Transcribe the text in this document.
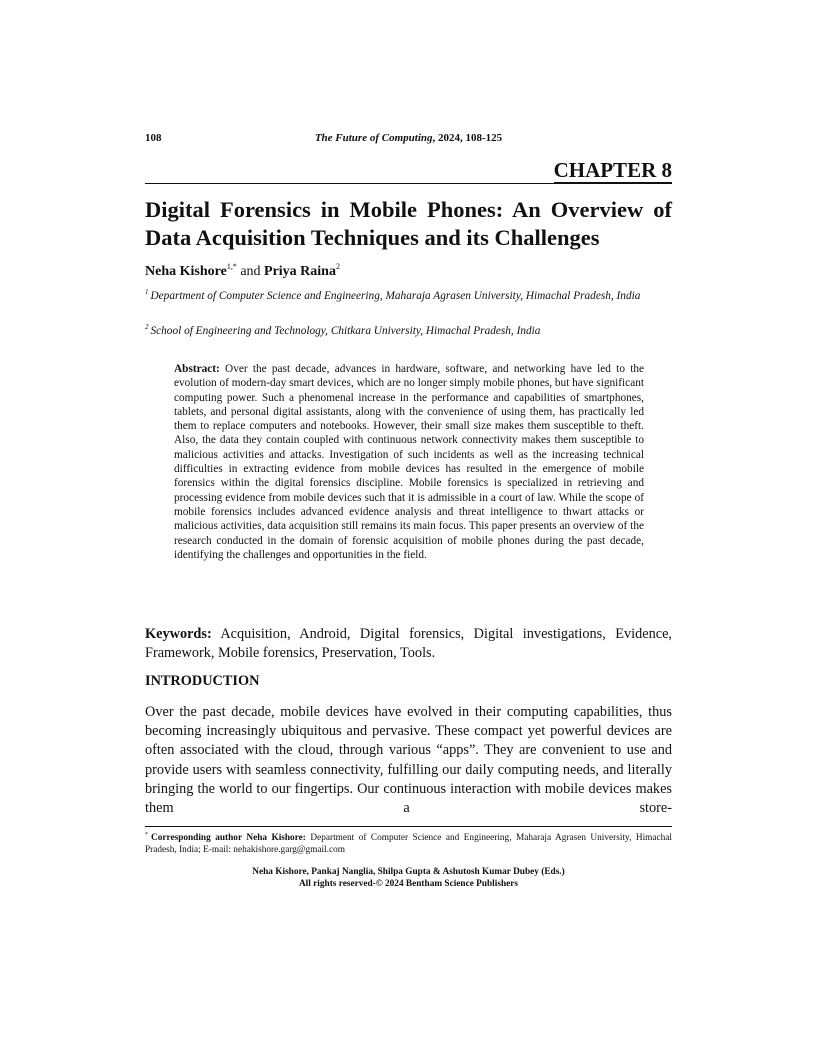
108	The Future of Computing, 2024, 108-125
CHAPTER 8
Digital Forensics in Mobile Phones: An Overview of Data Acquisition Techniques and its Challenges
Neha Kishore$^{1,*}$ and Priya Raina$^2$
$^1$ Department of Computer Science and Engineering, Maharaja Agrasen University, Himachal Pradesh, India
$^2$ School of Engineering and Technology, Chitkara University, Himachal Pradesh, India
Abstract: Over the past decade, advances in hardware, software, and networking have led to the evolution of modern-day smart devices, which are no longer simply mobile phones, but have significant computing power. Such a phenomenal increase in the performance and capabilities of smartphones, tablets, and personal digital assistants, along with the convenience of using them, has practically led them to replace computers and notebooks. However, their small size makes them susceptible to theft. Also, the data they contain coupled with continuous network connectivity makes them susceptible to malicious activities and attacks. Investigation of such incidents as well as the increasing technical difficulties in extracting evidence from mobile devices has resulted in the emergence of mobile forensics within the digital forensics discipline. Mobile forensics is specialized in retrieving and processing evidence from mobile devices such that it is admissible in a court of law. While the scope of mobile forensics includes advanced evidence analysis and threat intelligence to thwart attacks or malicious activities, data acquisition still remains its main focus. This paper presents an overview of the research conducted in the domain of forensic acquisition of mobile phones during the past decade, identifying the challenges and opportunities in the field.
Keywords: Acquisition, Android, Digital forensics, Digital investigations, Evidence, Framework, Mobile forensics, Preservation, Tools.
INTRODUCTION
Over the past decade, mobile devices have evolved in their computing capabilities, thus becoming increasingly ubiquitous and pervasive. These compact yet powerful devices are often associated with the cloud, through various “apps”. They are convenient to use and provide users with seamless connectivity, fulfilling our daily computing needs, and literally bringing the world to our fingertips. Our continuous interaction with mobile devices makes them a store-
* Corresponding author Neha Kishore: Department of Computer Science and Engineering, Maharaja Agrasen University, Himachal Pradesh, India; E-mail: nehakishore.garg@gmail.com
Neha Kishore, Pankaj Nanglia, Shilpa Gupta & Ashutosh Kumar Dubey (Eds.)
All rights reserved-© 2024 Bentham Science Publishers
